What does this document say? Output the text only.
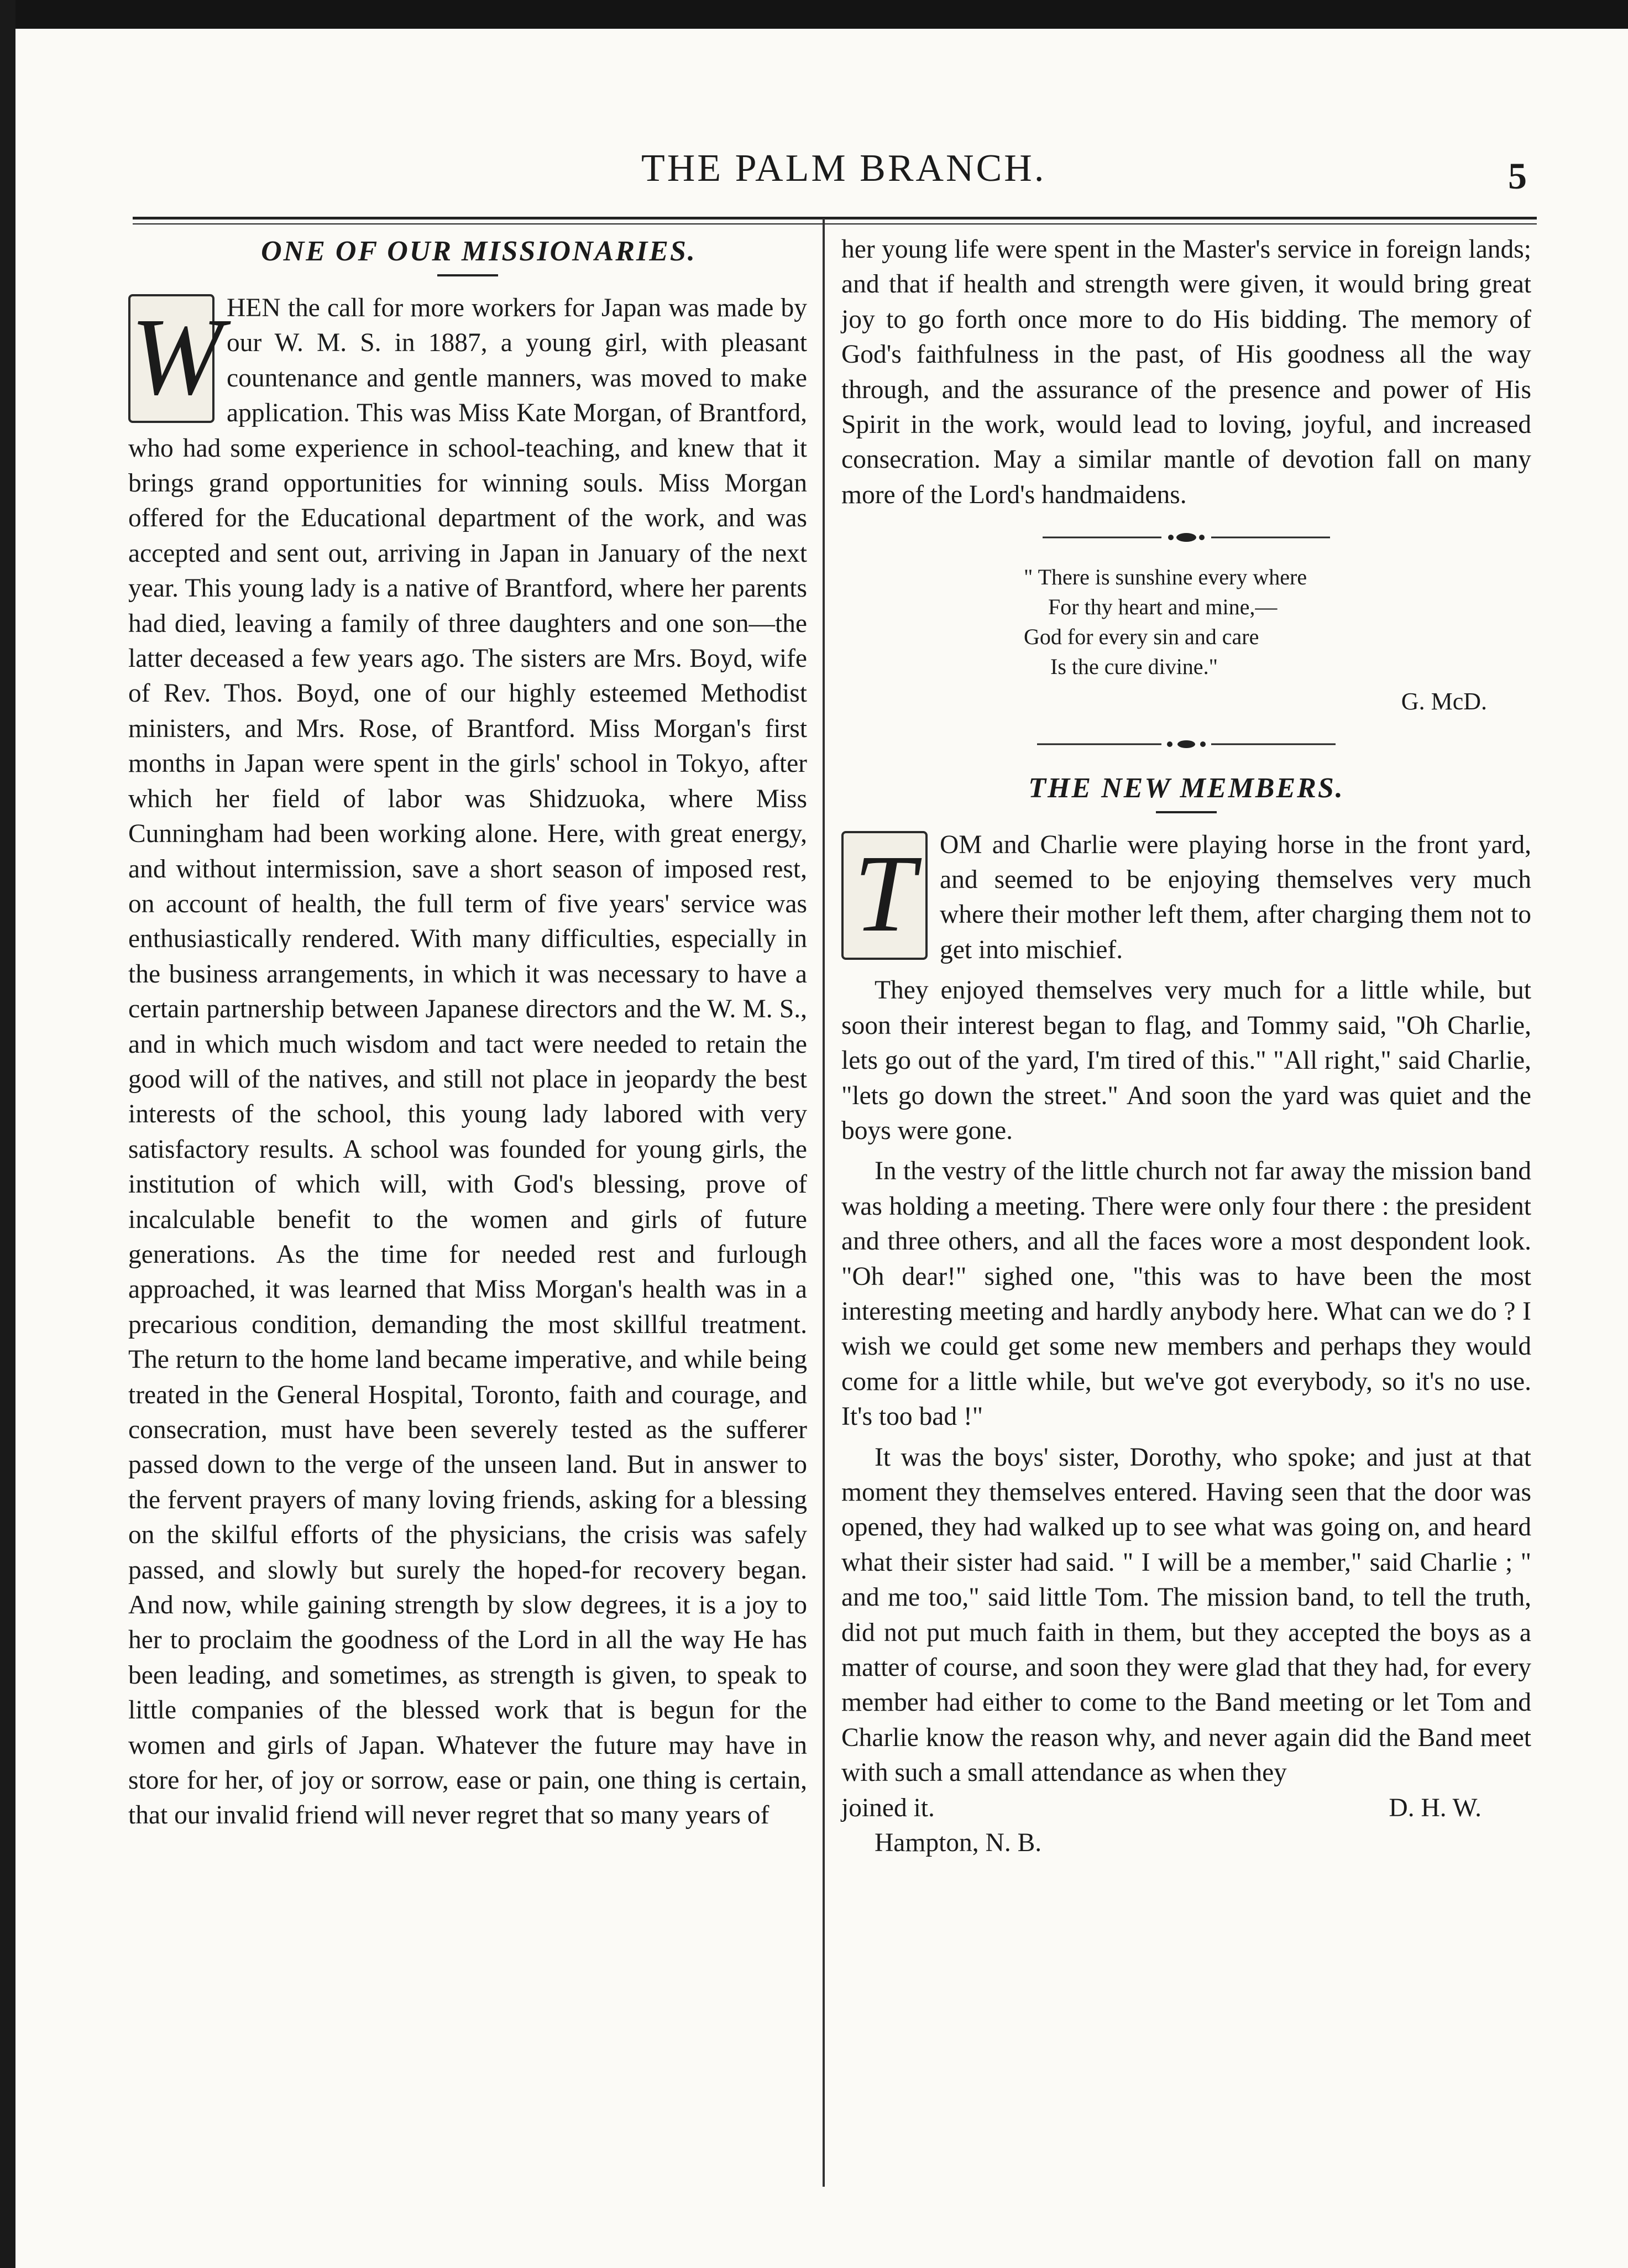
THE PALM BRANCH.	5
ONE OF OUR MISSIONARIES.
W HEN the call for more workers for Japan was made by our W. M. S. in 1887, a young girl, with pleasant countenance and gentle manners, was moved to make application. This was Miss Kate Morgan, of Brantford, who had some experience in school-teaching, and knew that it brings grand opportunities for winning souls. Miss Morgan offered for the Educational department of the work, and was accepted and sent out, arriving in Japan in January of the next year. This young lady is a native of Brantford, where her parents had died, leaving a family of three daughters and one son—the latter deceased a few years ago. The sisters are Mrs. Boyd, wife of Rev. Thos. Boyd, one of our highly esteemed Methodist ministers, and Mrs. Rose, of Brantford. Miss Morgan's first months in Japan were spent in the girls' school in Tokyo, after which her field of labor was Shidzuoka, where Miss Cunningham had been working alone. Here, with great energy, and without intermission, save a short season of imposed rest, on account of health, the full term of five years' service was enthusiastically rendered. With many difficulties, especially in the business arrangements, in which it was necessary to have a certain partnership between Japanese directors and the W. M. S., and in which much wisdom and tact were needed to retain the good will of the natives, and still not place in jeopardy the best interests of the school, this young lady labored with very satisfactory results. A school was founded for young girls, the institution of which will, with God's blessing, prove of incalculable benefit to the women and girls of future generations. As the time for needed rest and furlough approached, it was learned that Miss Morgan's health was in a precarious condition, demanding the most skillful treatment. The return to the home land became imperative, and while being treated in the General Hospital, Toronto, faith and courage, and consecration, must have been severely tested as the sufferer passed down to the verge of the unseen land. But in answer to the fervent prayers of many loving friends, asking for a blessing on the skilful efforts of the physicians, the crisis was safely passed, and slowly but surely the hoped-for recovery began. And now, while gaining strength by slow degrees, it is a joy to her to proclaim the goodness of the Lord in all the way He has been leading, and sometimes, as strength is given, to speak to little companies of the blessed work that is begun for the women and girls of Japan. Whatever the future may have in store for her, of joy or sorrow, ease or pain, one thing is certain, that our invalid friend will never regret that so many years of

her young life were spent in the Master's service in foreign lands; and that if health and strength were given, it would bring great joy to go forth once more to do His bidding. The memory of God's faithfulness in the past, of His goodness all the way through, and the assurance of the presence and power of His Spirit in the work, would lead to loving, joyful, and increased consecration. May a similar mantle of devotion fall on many more of the Lord's handmaidens.

" There is sunshine every where
For thy heart and mine,—
God for every sin and care
Is the cure divine."
G. McD.
THE NEW MEMBERS.
T OM and Charlie were playing horse in the front yard, and seemed to be enjoying themselves very much where their mother left them, after charging them not to get into mischief.

They enjoyed themselves very much for a little while, but soon their interest began to flag, and Tommy said, "Oh Charlie, lets go out of the yard, I'm tired of this." "All right," said Charlie, "lets go down the street." And soon the yard was quiet and the boys were gone.

In the vestry of the little church not far away the mission band was holding a meeting. There were only four there : the president and three others, and all the faces wore a most despondent look. "Oh dear!" sighed one, "this was to have been the most interesting meeting and hardly anybody here. What can we do ? I wish we could get some new members and perhaps they would come for a little while, but we've got everybody, so it's no use. It's too bad !"

It was the boys' sister, Dorothy, who spoke; and just at that moment they themselves entered. Having seen that the door was opened, they had walked up to see what was going on, and heard what their sister had said. " I will be a member," said Charlie ; " and me too," said little Tom. The mission band, to tell the truth, did not put much faith in them, but they accepted the boys as a matter of course, and soon they were glad that they had, for every member had either to come to the Band meeting or let Tom and Charlie know the reason why, and never again did the Band meet with such a small attendance as when they

joined it.	D. H. W.
Hampton, N. B.
